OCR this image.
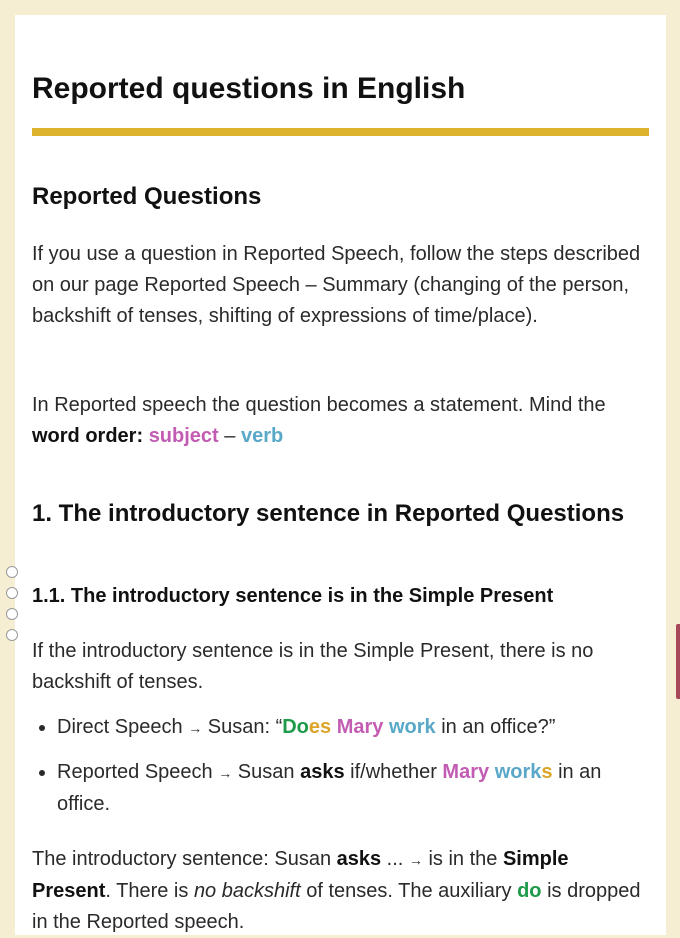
Reported questions in English
Reported Questions

If you use a question in Reported Speech, follow the steps described on our page Reported Speech – Summary (changing of the person, backshift of tenses, shifting of expressions of time/place).

In Reported speech the question becomes a statement. Mind the word order: subject – verb

1. The introductory sentence in Reported Questions
1.1. The introductory sentence is in the Simple Present

If the introductory sentence is in the Simple Present, there is no backshift of tenses.

Direct Speech → Susan: “Does Mary work in an office?”
Reported Speech → Susan asks if/whether Mary works in an office.

The introductory sentence: Susan asks ... → is in the Simple Present. There is no backshift of tenses. The auxiliary do is dropped in the Reported speech.
